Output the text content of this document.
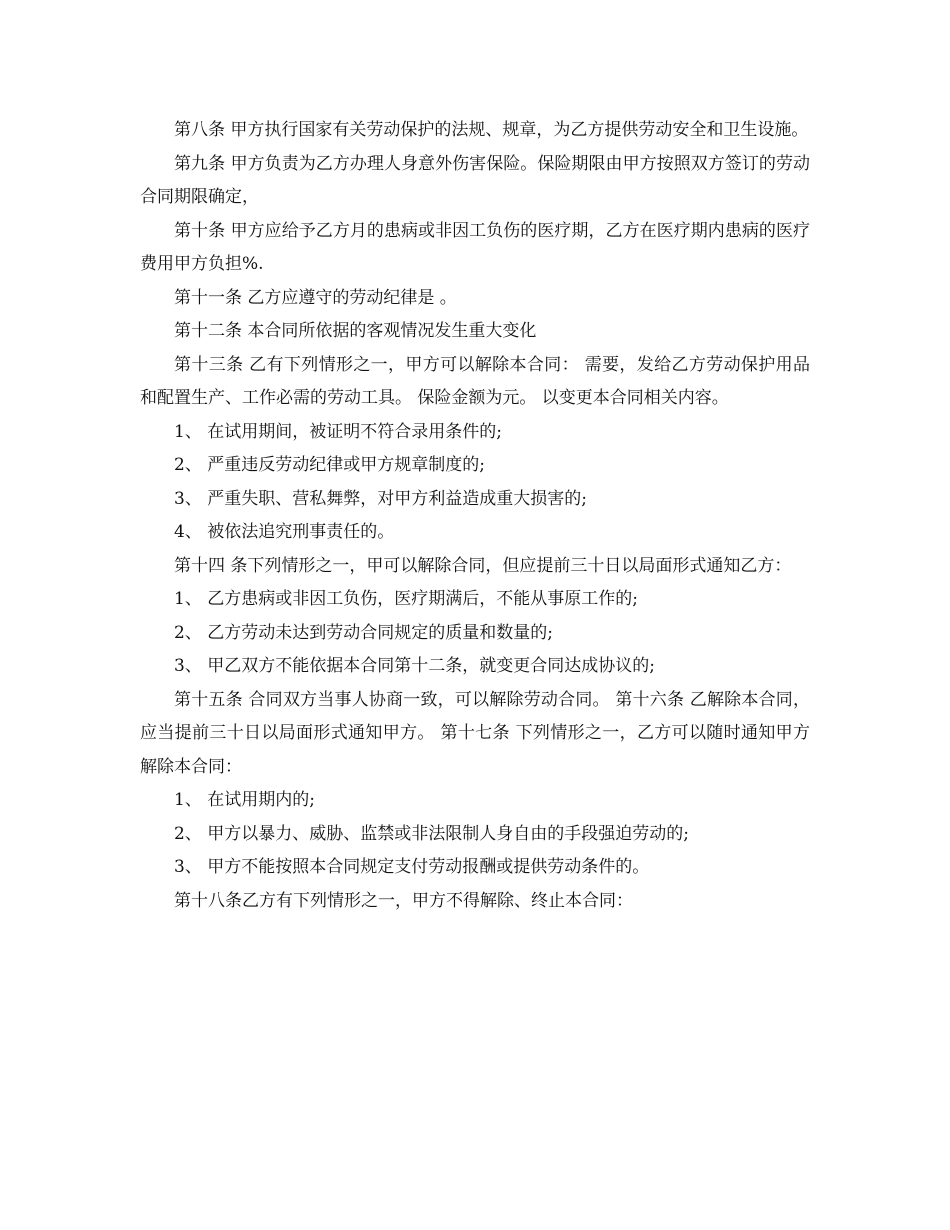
第八条 甲方执行国家有关劳动保护的法规、规章，为乙方提供劳动安全和卫生设施。

第九条 甲方负责为乙方办理人身意外伤害保险。保险期限由甲方按照双方签订的劳动合同期限确定，

第十条 甲方应给予乙方月的患病或非因工负伤的医疗期，乙方在医疗期内患病的医疗费用甲方负担%.

第十一条 乙方应遵守的劳动纪律是 。

第十二条 本合同所依据的客观情况发生重大变化

第十三条 乙有下列情形之一，甲方可以解除本合同： 需要，发给乙方劳动保护用品和配置生产、工作必需的劳动工具。 保险金额为元。 以变更本合同相关内容。

1、 在试用期间，被证明不符合录用条件的;

2、 严重违反劳动纪律或甲方规章制度的;

3、 严重失职、营私舞弊，对甲方利益造成重大损害的;

4、 被依法追究刑事责任的。

第十四 条下列情形之一，甲可以解除合同，但应提前三十日以局面形式通知乙方：

1、 乙方患病或非因工负伤，医疗期满后，不能从事原工作的;

2、 乙方劳动未达到劳动合同规定的质量和数量的;

3、 甲乙双方不能依据本合同第十二条，就变更合同达成协议的;

第十五条 合同双方当事人协商一致，可以解除劳动合同。 第十六条 乙解除本合同，应当提前三十日以局面形式通知甲方。 第十七条 下列情形之一，乙方可以随时通知甲方解除本合同：

1、 在试用期内的;

2、 甲方以暴力、威胁、监禁或非法限制人身自由的手段强迫劳动的;

3、 甲方不能按照本合同规定支付劳动报酬或提供劳动条件的。

第十八条乙方有下列情形之一，甲方不得解除、终止本合同：
